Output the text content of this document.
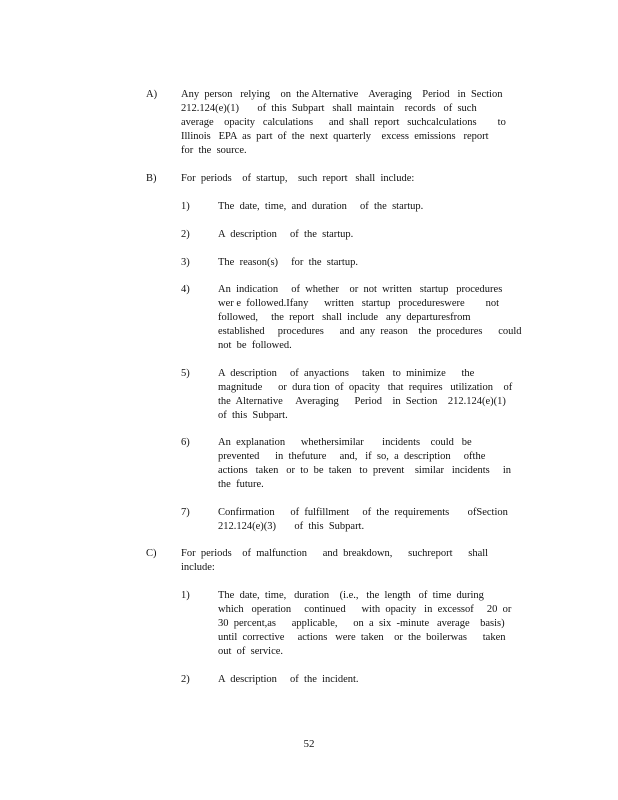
A)	Any  person   relying    on  the Alternative    Averaging    Period   in  Section
212.124(e)(1)       of  this  Subpart   shall  maintain    records   of  such
average    opacity   calculations      and  shall  report   suchcalculations        to
Illinois   EPA  as  part  of  the  next  quarterly    excess  emissions   report
for  the  source.
B)	For  periods    of  startup,    such  report   shall  include:
1)	The  date,  time,  and  duration     of  the  startup.
2)	A  description     of  the  startup.
3)	The  reason(s)     for  the  startup.
4)	An  indication     of  whether    or  not  written   startup   procedures
wer e  followed.Ifany      written   startup   procedureswere        not
followed,     the  report   shall  include   any  departuresfrom
established     procedures      and  any  reason    the  procedures      could
not  be  followed.
5)	A  description     of  anyactions     taken   to  minimize      the
magnitude      or  dura tion  of  opacity   that  requires   utilization    of
the  Alternative     Averaging      Period    in  Section    212.124(e)(1)
of  this  Subpart.
6)	An  explanation      whethersimilar       incidents    could   be
prevented      in  thefuture     and,   if  so,  a  description     ofthe
actions   taken   or  to  be  taken   to  prevent    similar   incidents     in
the  future.
7)	Confirmation      of  fulfillment     of  the  requirements       ofSection
212.124(e)(3)       of  this  Subpart.
C)	For  periods    of  malfunction      and  breakdown,      suchreport      shall
include:
1)	The  date,  time,   duration    (i.e.,   the  length   of  time  during
which   operation     continued      with  opacity   in  excessof     20  or
30  percent,as      applicable,      on  a  six  -minute   average    basis)
until  corrective     actions   were  taken    or  the  boilerwas      taken
out  of  service.
2)	A  description     of  the  incident.
52
